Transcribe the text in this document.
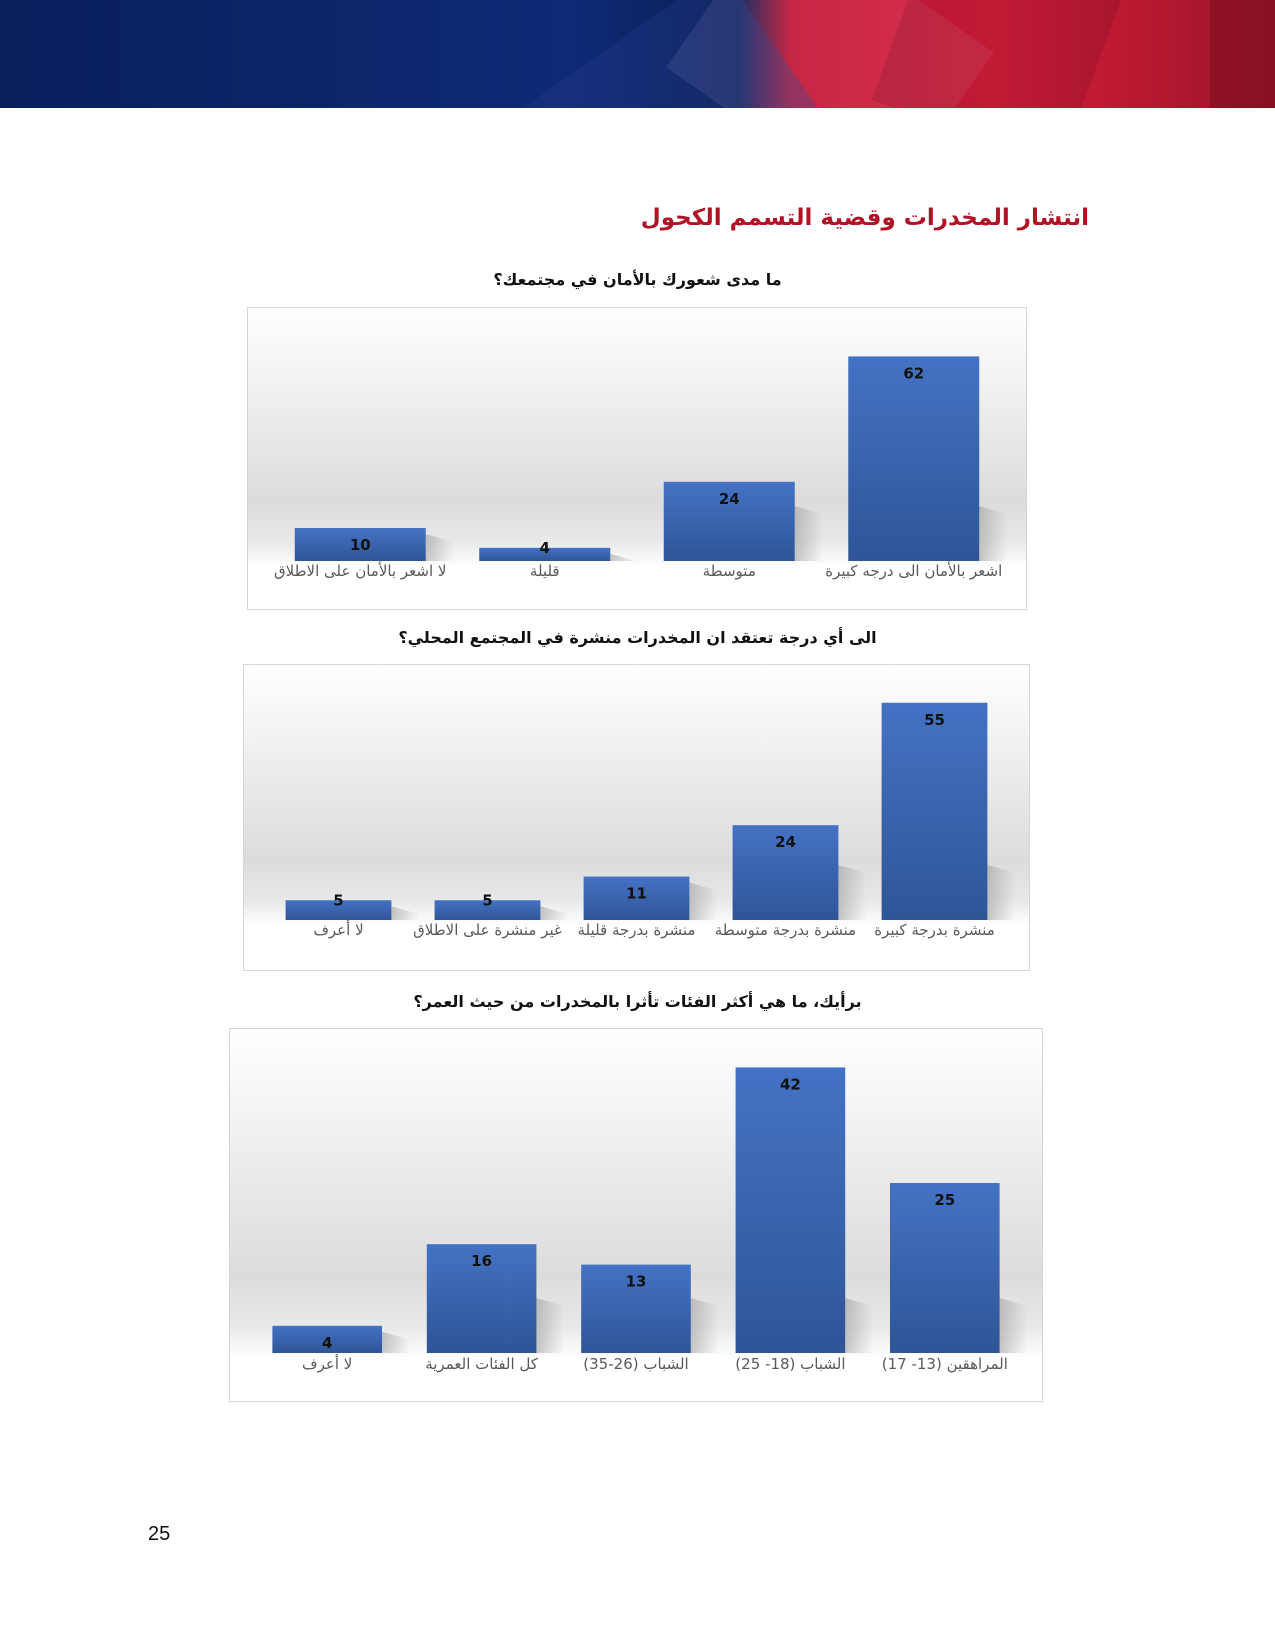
انتشار المخدرات وقضية التسمم الكحول
ما مدى شعورك بالأمان في مجتمعك؟
62
اشعر بالأمان الى درجه كبيرة
24
متوسطة
4
قليلة
10
لا اشعر بالأمان على الاطلاق
الى أي درجة تعتقد ان المخدرات منشرة في المجتمع المحلي؟
55
منشرة بدرجة كبيرة
24
منشرة بدرجة متوسطة
11
منشرة بدرجة قليلة
5
غير منشرة على الاطلاق
5
لا أعرف
برأيك، ما هي أكثر الفئات تأثرا بالمخدرات من حيث العمر؟
25
المراهقين (13- 17)
42
الشباب (18- 25)
13
الشباب (26-35)
16
كل الفئات العمرية
4
لا أعرف
25
